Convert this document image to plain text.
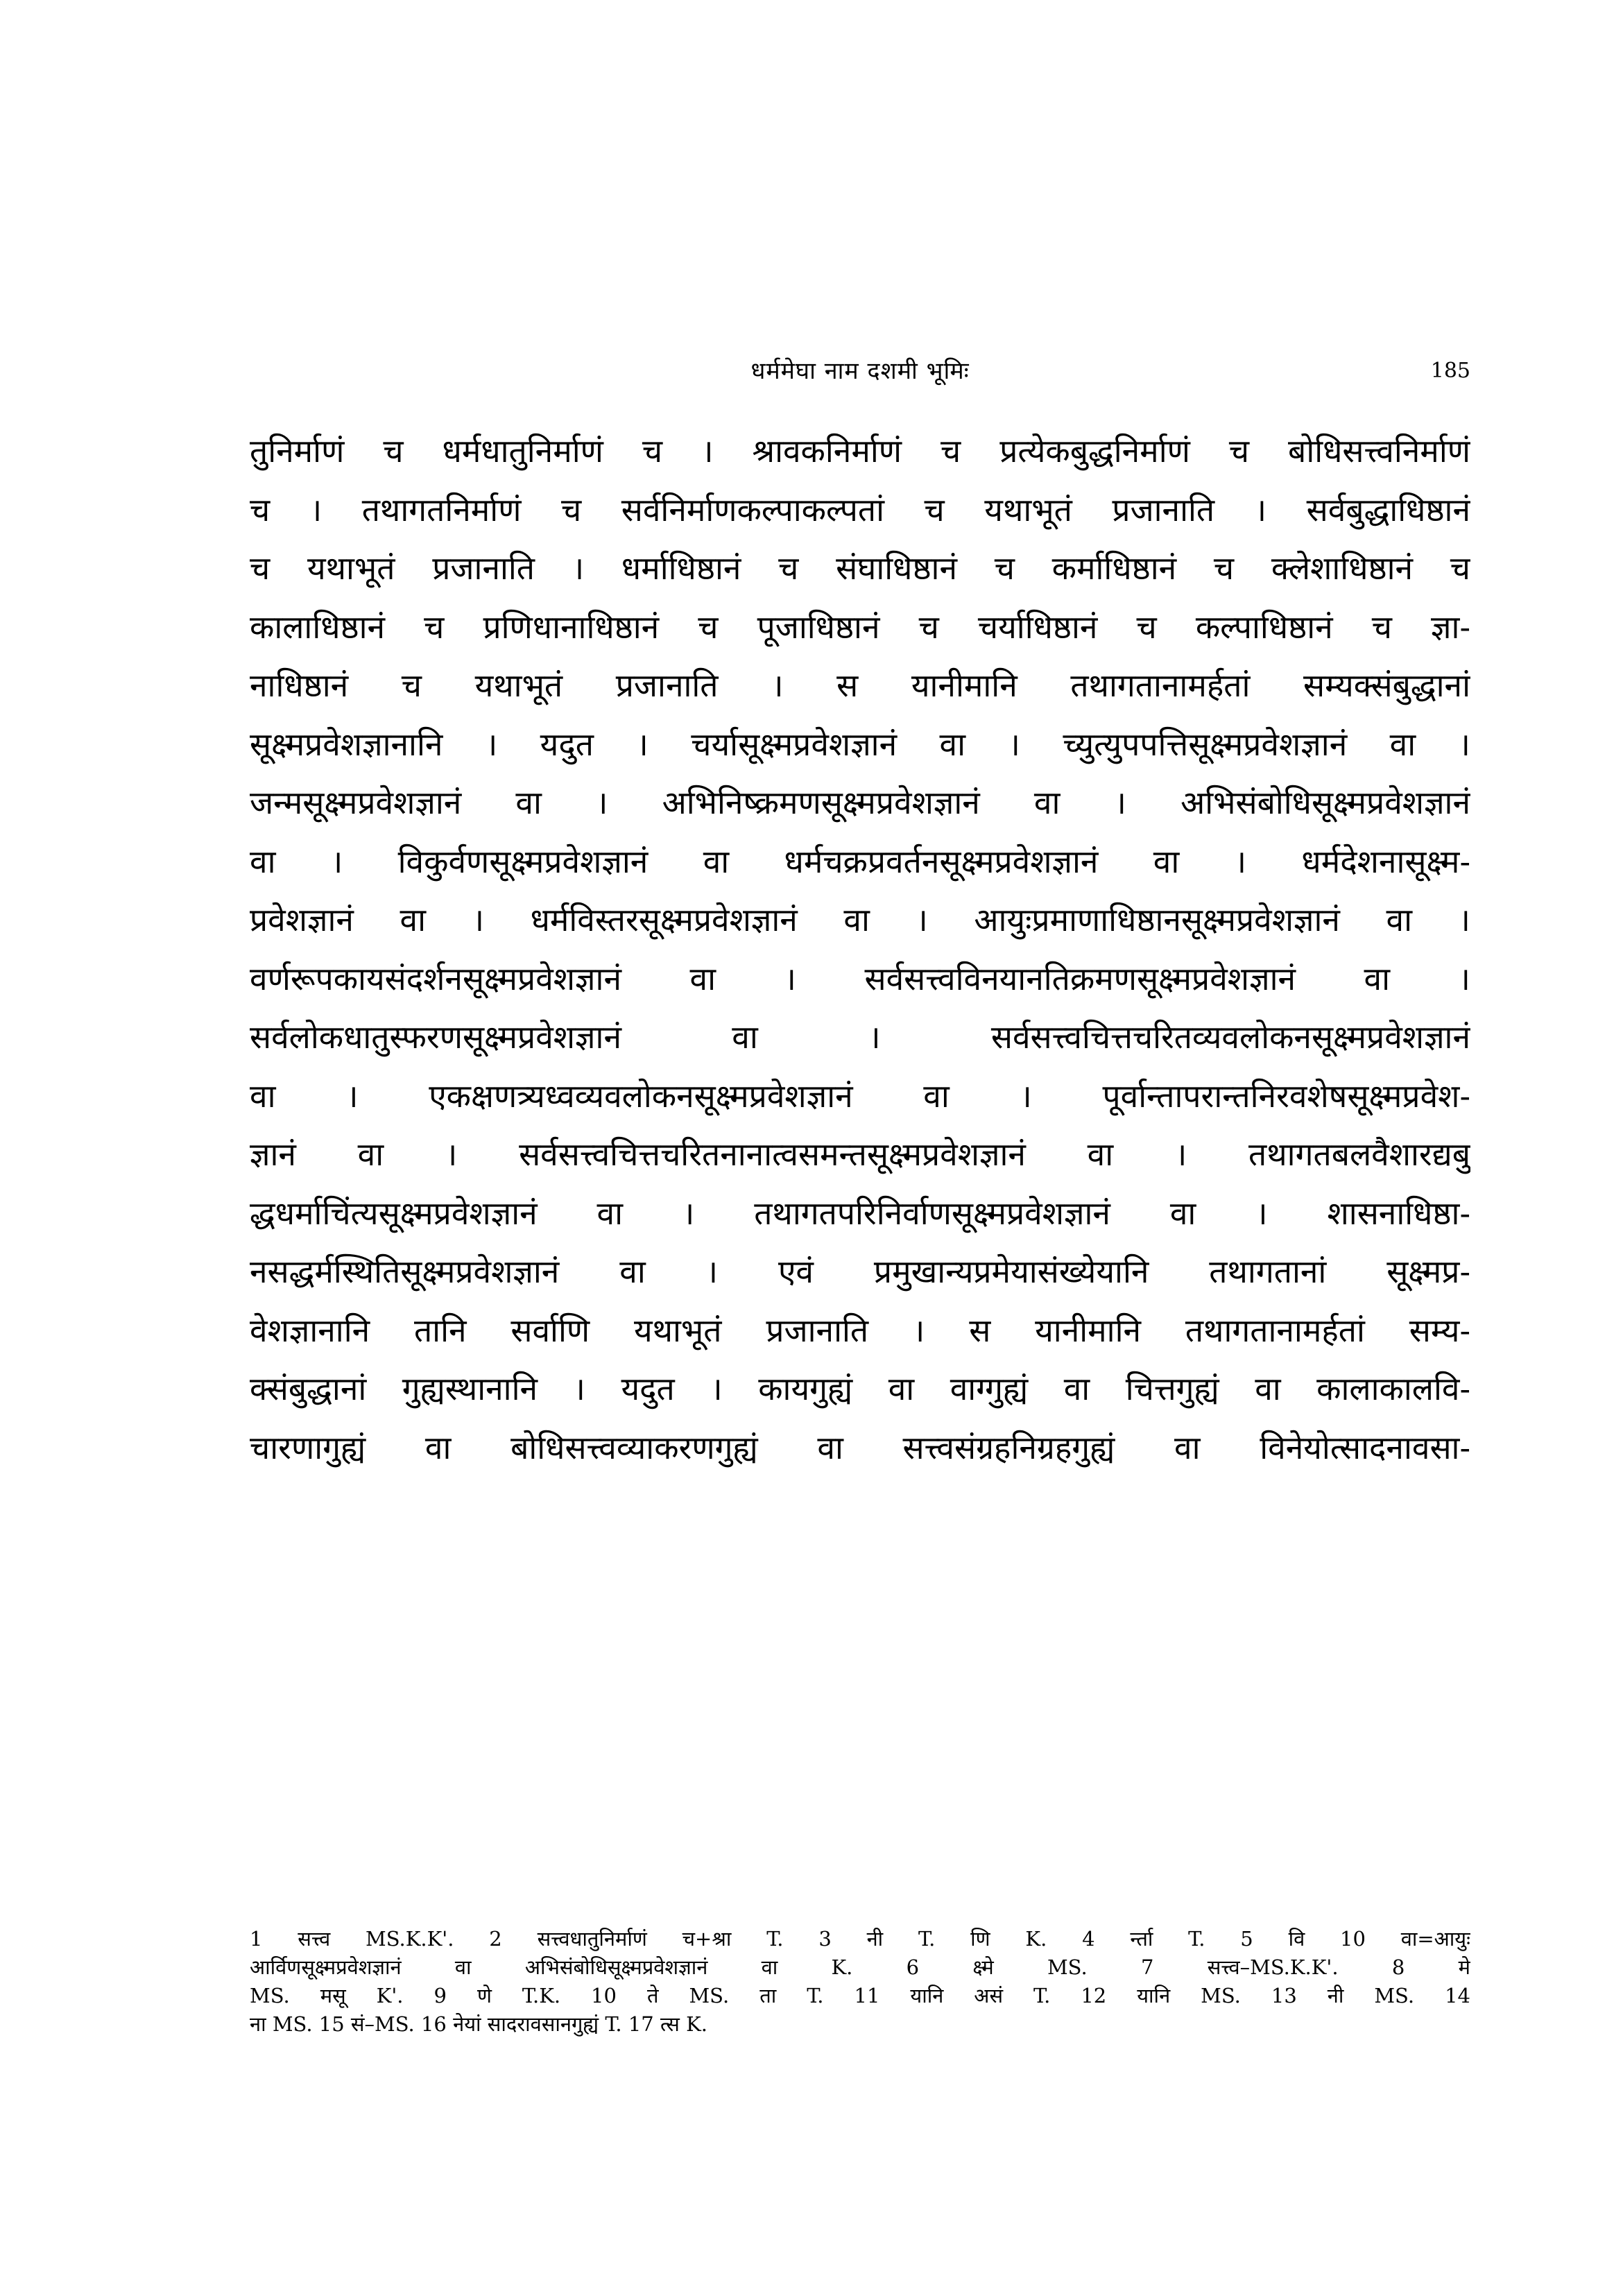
धर्ममेघा नाम दशमी भूमिः	185
तुनिर्माणं च धर्मधातुनिर्माणं च । श्रावकनिर्माणं च प्रत्येकबुद्धनिर्माणं च बोधिसत्त्वनिर्माणं
च । तथागतनिर्माणं च सर्वनिर्माणकल्पाकल्पतां च यथाभूतं प्रजानाति । सर्वबुद्धाधिष्ठानं
च यथाभूतं प्रजानाति । धर्माधिष्ठानं च संघाधिष्ठानं च कर्माधिष्ठानं च क्लेशाधिष्ठानं च
कालाधिष्ठानं च प्रणिधानाधिष्ठानं च पूजाधिष्ठानं च चर्याधिष्ठानं च कल्पाधिष्ठानं च ज्ञा-
नाधिष्ठानं च यथाभूतं प्रजानाति । स यानीमानि तथागतानामर्हतां सम्यक्संबुद्धानां
सूक्ष्मप्रवेशज्ञानानि । यदुत । चर्यासूक्ष्मप्रवेशज्ञानं वा । च्युत्युपपत्तिसूक्ष्मप्रवेशज्ञानं वा ।
जन्मसूक्ष्मप्रवेशज्ञानं वा । अभिनिष्क्रमणसूक्ष्मप्रवेशज्ञानं वा । अभिसंबोधिसूक्ष्मप्रवेशज्ञानं
वा । विकुर्वणसूक्ष्मप्रवेशज्ञानं वा धर्मचक्रप्रवर्तनसूक्ष्मप्रवेशज्ञानं वा । धर्मदेशनासूक्ष्म-
प्रवेशज्ञानं वा । धर्मविस्तरसूक्ष्मप्रवेशज्ञानं वा । आयुःप्रमाणाधिष्ठानसूक्ष्मप्रवेशज्ञानं वा ।
वर्णरूपकायसंदर्शनसूक्ष्मप्रवेशज्ञानं वा । सर्वसत्त्वविनयानतिक्रमणसूक्ष्मप्रवेशज्ञानं वा ।
सर्वलोकधातुस्फरणसूक्ष्मप्रवेशज्ञानं वा । सर्वसत्त्वचित्तचरितव्यवलोकनसूक्ष्मप्रवेशज्ञानं
वा । एकक्षणत्र्यध्वव्यवलोकनसूक्ष्मप्रवेशज्ञानं वा । पूर्वान्तापरान्तनिरवशेषसूक्ष्मप्रवेश-
ज्ञानं वा । सर्वसत्त्वचित्तचरितनानात्वसमन्तसूक्ष्मप्रवेशज्ञानं वा । तथागतबलवैशारद्यबु
द्धधर्माचिंत्यसूक्ष्मप्रवेशज्ञानं वा । तथागतपरिनिर्वाणसूक्ष्मप्रवेशज्ञानं वा । शासनाधिष्ठा-
नसद्धर्मस्थितिसूक्ष्मप्रवेशज्ञानं वा । एवं प्रमुखान्यप्रमेयासंख्येयानि तथागतानां सूक्ष्मप्र-
वेशज्ञानानि तानि सर्वाणि यथाभूतं प्रजानाति । स यानीमानि तथागतानामर्हतां सम्य-
क्संबुद्धानां गुह्यस्थानानि । यदुत । कायगुह्यं वा वाग्गुह्यं वा चित्तगुह्यं वा कालाकालवि-
चारणागुह्यं वा बोधिसत्त्वव्याकरणगुह्यं वा सत्त्वसंग्रहनिग्रहगुह्यं वा विनेयोत्सादनावसा-
1 सत्त्व MS.K.K'. 2 सत्त्वधातुनिर्माणं च+श्रा T. 3 नी T. णि K. 4 र्न्ता T. 5 वि 10 वा=आयुः
आर्विणसूक्ष्मप्रवेशज्ञानं वा अभिसंबोधिसूक्ष्मप्रवेशज्ञानं वा K. 6 क्ष्मे MS. 7 सत्त्व–MS.K.K'. 8 मे
MS. मसू K'. 9 णे T.K. 10 ते MS. ता T. 11 यानि असं T. 12 यानि MS. 13 नी MS. 14
ना MS. 15 सं–MS. 16 नेयां सादरावसानगुह्यं T. 17 त्स K.
